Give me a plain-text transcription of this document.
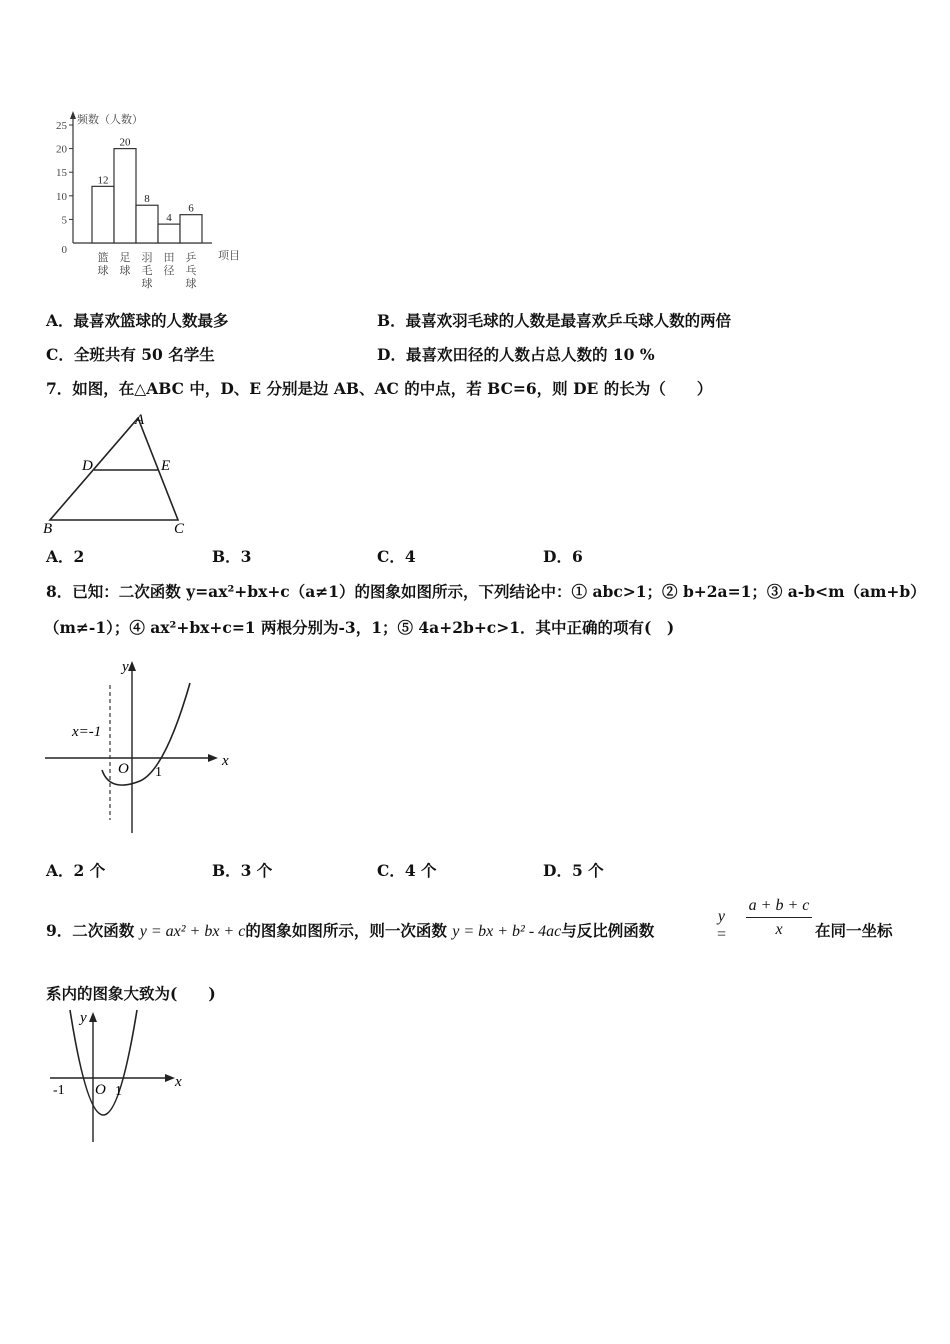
频数（人数）
项目
0
5
10
15
20
25
12
篮
球
20
足
球
8
羽
毛
球
4
田
径
6
乒
乓
球
A．最喜欢篮球的人数最多	B．最喜欢羽毛球的人数是最喜欢乒乓球人数的两倍
C．全班共有 50 名学生	D．最喜欢田径的人数占总人数的 10 %
7．如图，在△ABC 中，D、E 分别是边 AB、AC 的中点，若 BC=6，则 DE 的长为（　　）
A
B	C
D	E
A．2	B．3	C．4	D．6
8．已知：二次函数 y=ax²+bx+c（a≠1）的图象如图所示，下列结论中：① abc>1；② b+2a=1；③ a-b<m（am+b）
（m≠-1）；④ ax²+bx+c=1 两根分别为-3，1；⑤ 4a+2b+c>1．其中正确的项有(　)
x=-1
y
x
O 1
A．2 个	B．3 个	C．4 个	D．5 个
9．二次函数 y = ax² + bx + c的图象如图所示，则一次函数 y = bx + b² - 4ac与反比例函数
y =
a + b + c
x	在同一坐标
系内的图象大致为(　　)
y
x
O
-1	1
